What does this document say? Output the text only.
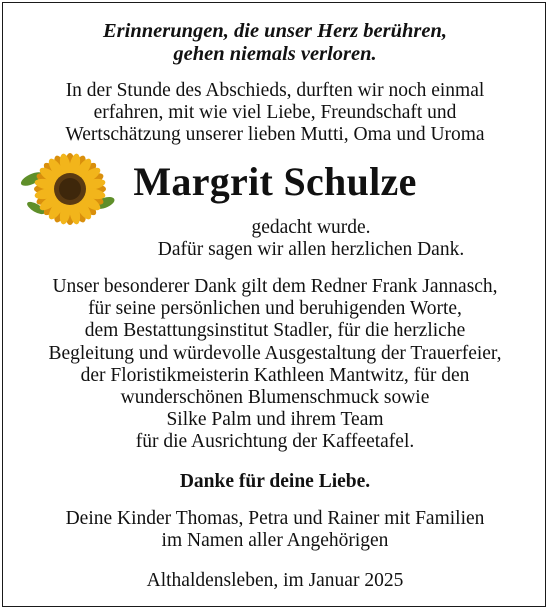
Erinnerungen, die unser Herz berühren,
gehen niemals verloren.
In der Stunde des Abschieds, durften wir noch einmal
erfahren, mit wie viel Liebe, Freundschaft und
Wertschätzung unserer lieben Mutti, Oma und Uroma
Margrit Schulze
gedacht wurde.
Dafür sagen wir allen herzlichen Dank.
Unser besonderer Dank gilt dem Redner Frank Jannasch,
für seine persönlichen und beruhigenden Worte,
dem Bestattungsinstitut Stadler, für die herzliche
Begleitung und würdevolle Ausgestaltung der Trauerfeier,
der Floristikmeisterin Kathleen Mantwitz, für den
wunderschönen Blumenschmuck sowie
Silke Palm und ihrem Team
für die Ausrichtung der Kaffeetafel.
Danke für deine Liebe.
Deine Kinder Thomas, Petra und Rainer mit Familien
im Namen aller Angehörigen
Althaldensleben, im Januar 2025
